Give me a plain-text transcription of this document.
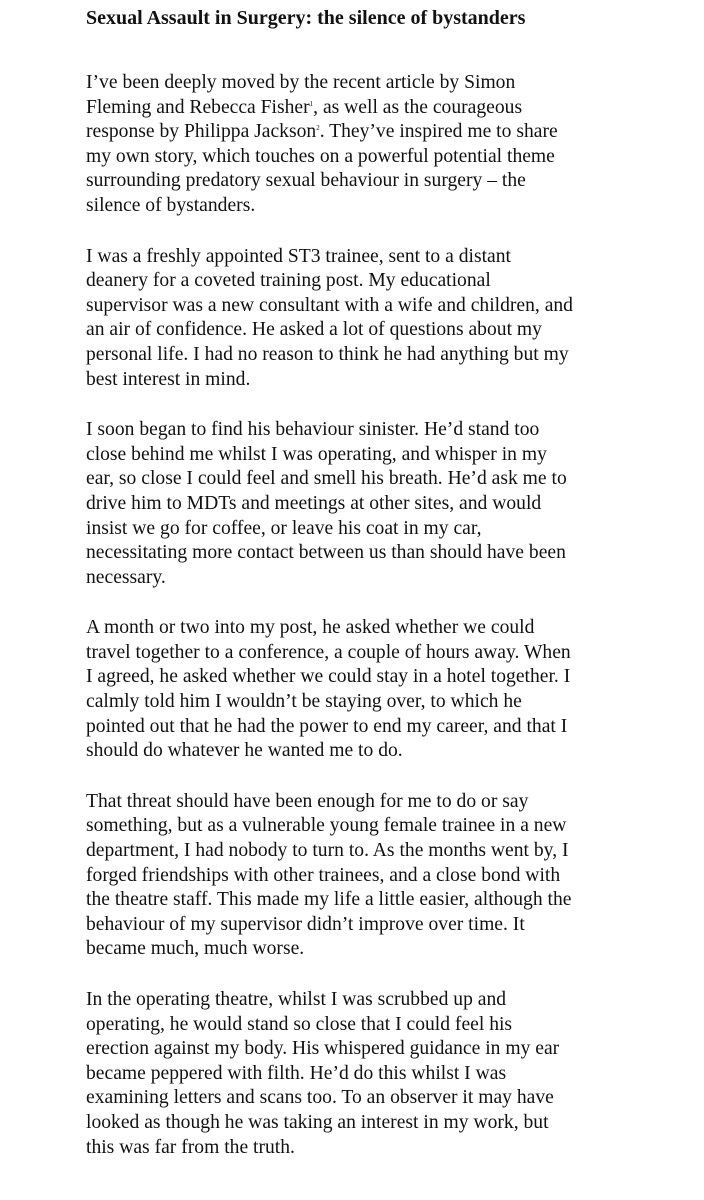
Sexual Assault in Surgery: the silence of bystanders

I’ve been deeply moved by the recent article by Simon
Fleming and Rebecca Fisher$^1$, as well as the courageous
response by Philippa Jackson$^2$. They’ve inspired me to share
my own story, which touches on a powerful potential theme
surrounding predatory sexual behaviour in surgery – the
silence of bystanders.

I was a freshly appointed ST3 trainee, sent to a distant
deanery for a coveted training post. My educational
supervisor was a new consultant with a wife and children, and
an air of confidence. He asked a lot of questions about my
personal life. I had no reason to think he had anything but my
best interest in mind.

I soon began to find his behaviour sinister. He’d stand too
close behind me whilst I was operating, and whisper in my
ear, so close I could feel and smell his breath. He’d ask me to
drive him to MDTs and meetings at other sites, and would
insist we go for coffee, or leave his coat in my car,
necessitating more contact between us than should have been
necessary.

A month or two into my post, he asked whether we could
travel together to a conference, a couple of hours away. When
I agreed, he asked whether we could stay in a hotel together. I
calmly told him I wouldn’t be staying over, to which he
pointed out that he had the power to end my career, and that I
should do whatever he wanted me to do.

That threat should have been enough for me to do or say
something, but as a vulnerable young female trainee in a new
department, I had nobody to turn to. As the months went by, I
forged friendships with other trainees, and a close bond with
the theatre staff. This made my life a little easier, although the
behaviour of my supervisor didn’t improve over time. It
became much, much worse.

In the operating theatre, whilst I was scrubbed up and
operating, he would stand so close that I could feel his
erection against my body. His whispered guidance in my ear
became peppered with filth. He’d do this whilst I was
examining letters and scans too. To an observer it may have
looked as though he was taking an interest in my work, but
this was far from the truth.
